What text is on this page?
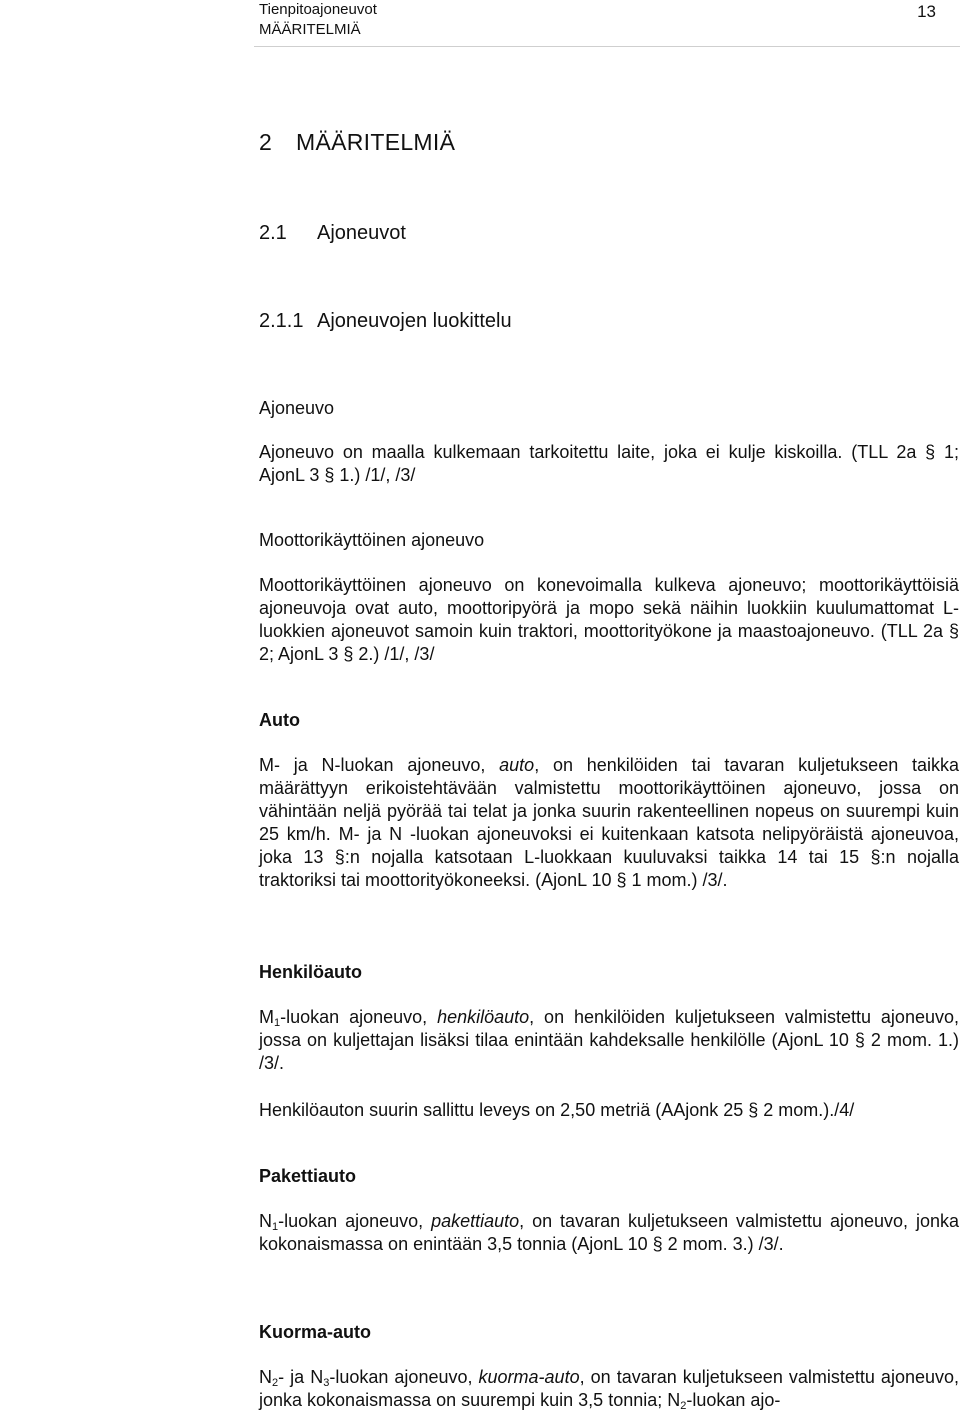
Tienpitoajoneuvot
MÄÄRITELMIÄ
13
2 MÄÄRITELMIÄ
2.1 Ajoneuvot
2.1.1 Ajoneuvojen luokittelu
Ajoneuvo

Ajoneuvo on maalla kulkemaan tarkoitettu laite, joka ei kulje kiskoilla. (TLL 2a § 1; AjonL 3 § 1.) /1/, /3/

Moottorikäyttöinen ajoneuvo

Moottorikäyttöinen ajoneuvo on konevoimalla kulkeva ajoneuvo; moottorikäyttöisiä ajoneuvoja ovat auto, moottoripyörä ja mopo sekä näihin luokkiin kuulumattomat L-luokkien ajoneuvot samoin kuin traktori, moottorityökone ja maastoajoneuvo. (TLL 2a § 2; AjonL 3 § 2.) /1/, /3/

Auto

M- ja N-luokan ajoneuvo, auto, on henkilöiden tai tavaran kuljetukseen taikka määrättyyn erikoistehtävään valmistettu moottorikäyttöinen ajoneuvo, jossa on vähintään neljä pyörää tai telat ja jonka suurin rakenteellinen nopeus on suurempi kuin 25 km/h. M- ja N -luokan ajoneuvoksi ei kuitenkaan katsota nelipyöräistä ajoneuvoa, joka 13 §:n nojalla katsotaan L-luokkaan kuuluvaksi taikka 14 tai 15 §:n nojalla traktoriksi tai moottorityökoneeksi. (AjonL 10 § 1 mom.) /3/.

Henkilöauto

$M_1$-luokan ajoneuvo, henkilöauto, on henkilöiden kuljetukseen valmistettu ajoneuvo, jossa on kuljettajan lisäksi tilaa enintään kahdeksalle henkilölle (AjonL 10 § 2 mom. 1.) /3/.

Henkilöauton suurin sallittu leveys on 2,50 metriä (AAjonk 25 § 2 mom.)./4/

Pakettiauto

$N_1$-luokan ajoneuvo, pakettiauto, on tavaran kuljetukseen valmistettu ajoneuvo, jonka kokonaismassa on enintään 3,5 tonnia (AjonL 10 § 2 mom. 3.) /3/.

Kuorma-auto

$N_2-$ ja $N_3$-luokan ajoneuvo, kuorma-auto, on tavaran kuljetukseen valmistettu ajoneuvo, jonka kokonaismassa on suurempi kuin 3,5 tonnia; $N_2$-luokan ajo-
